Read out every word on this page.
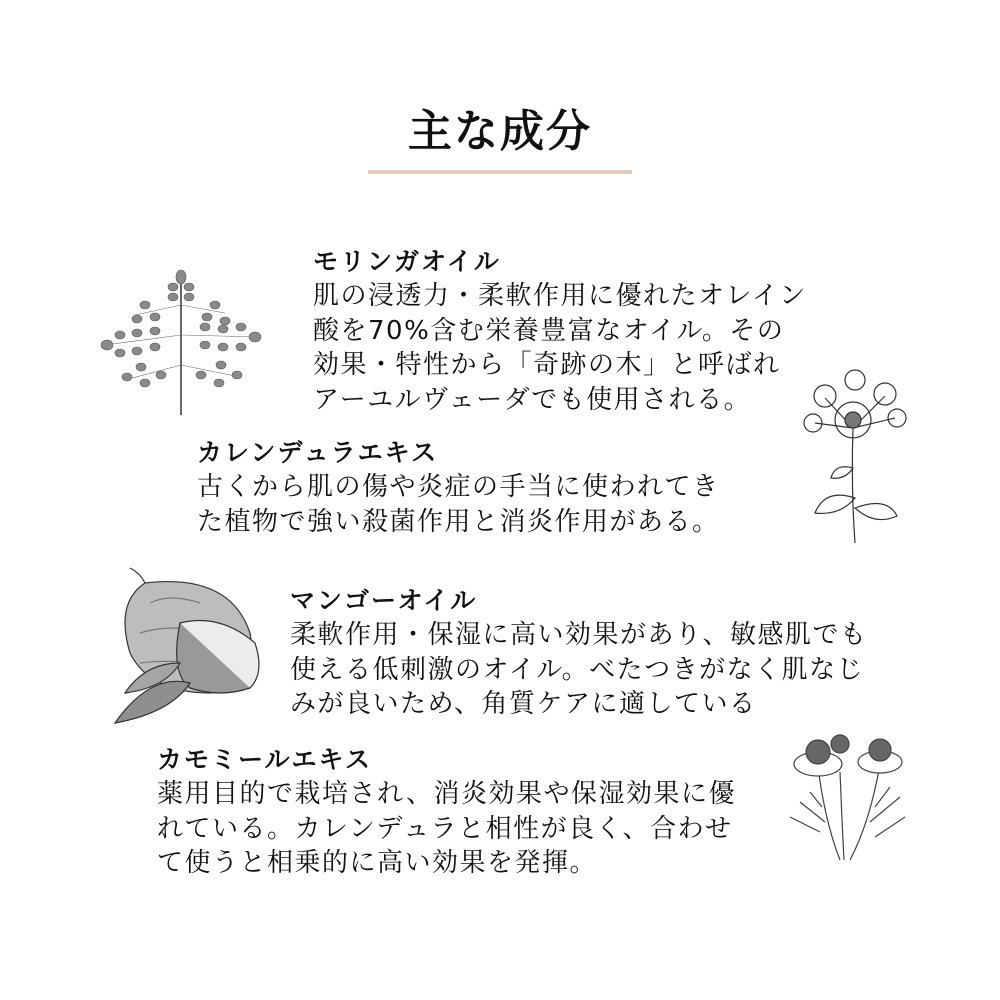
主な成分
モリンガオイル
肌の浸透力・柔軟作用に優れたオレイン
酸を70%含む栄養豊富なオイル。その
効果・特性から「奇跡の木」と呼ばれ
アーユルヴェーダでも使用される。
カレンデュラエキス
古くから肌の傷や炎症の手当に使われてき
た植物で強い殺菌作用と消炎作用がある。
マンゴーオイル
柔軟作用・保湿に高い効果があり、敏感肌でも
使える低刺激のオイル。べたつきがなく肌なじ
みが良いため、角質ケアに適している
カモミールエキス
薬用目的で栽培され、消炎効果や保湿効果に優
れている。カレンデュラと相性が良く、合わせ
て使うと相乗的に高い効果を発揮。
